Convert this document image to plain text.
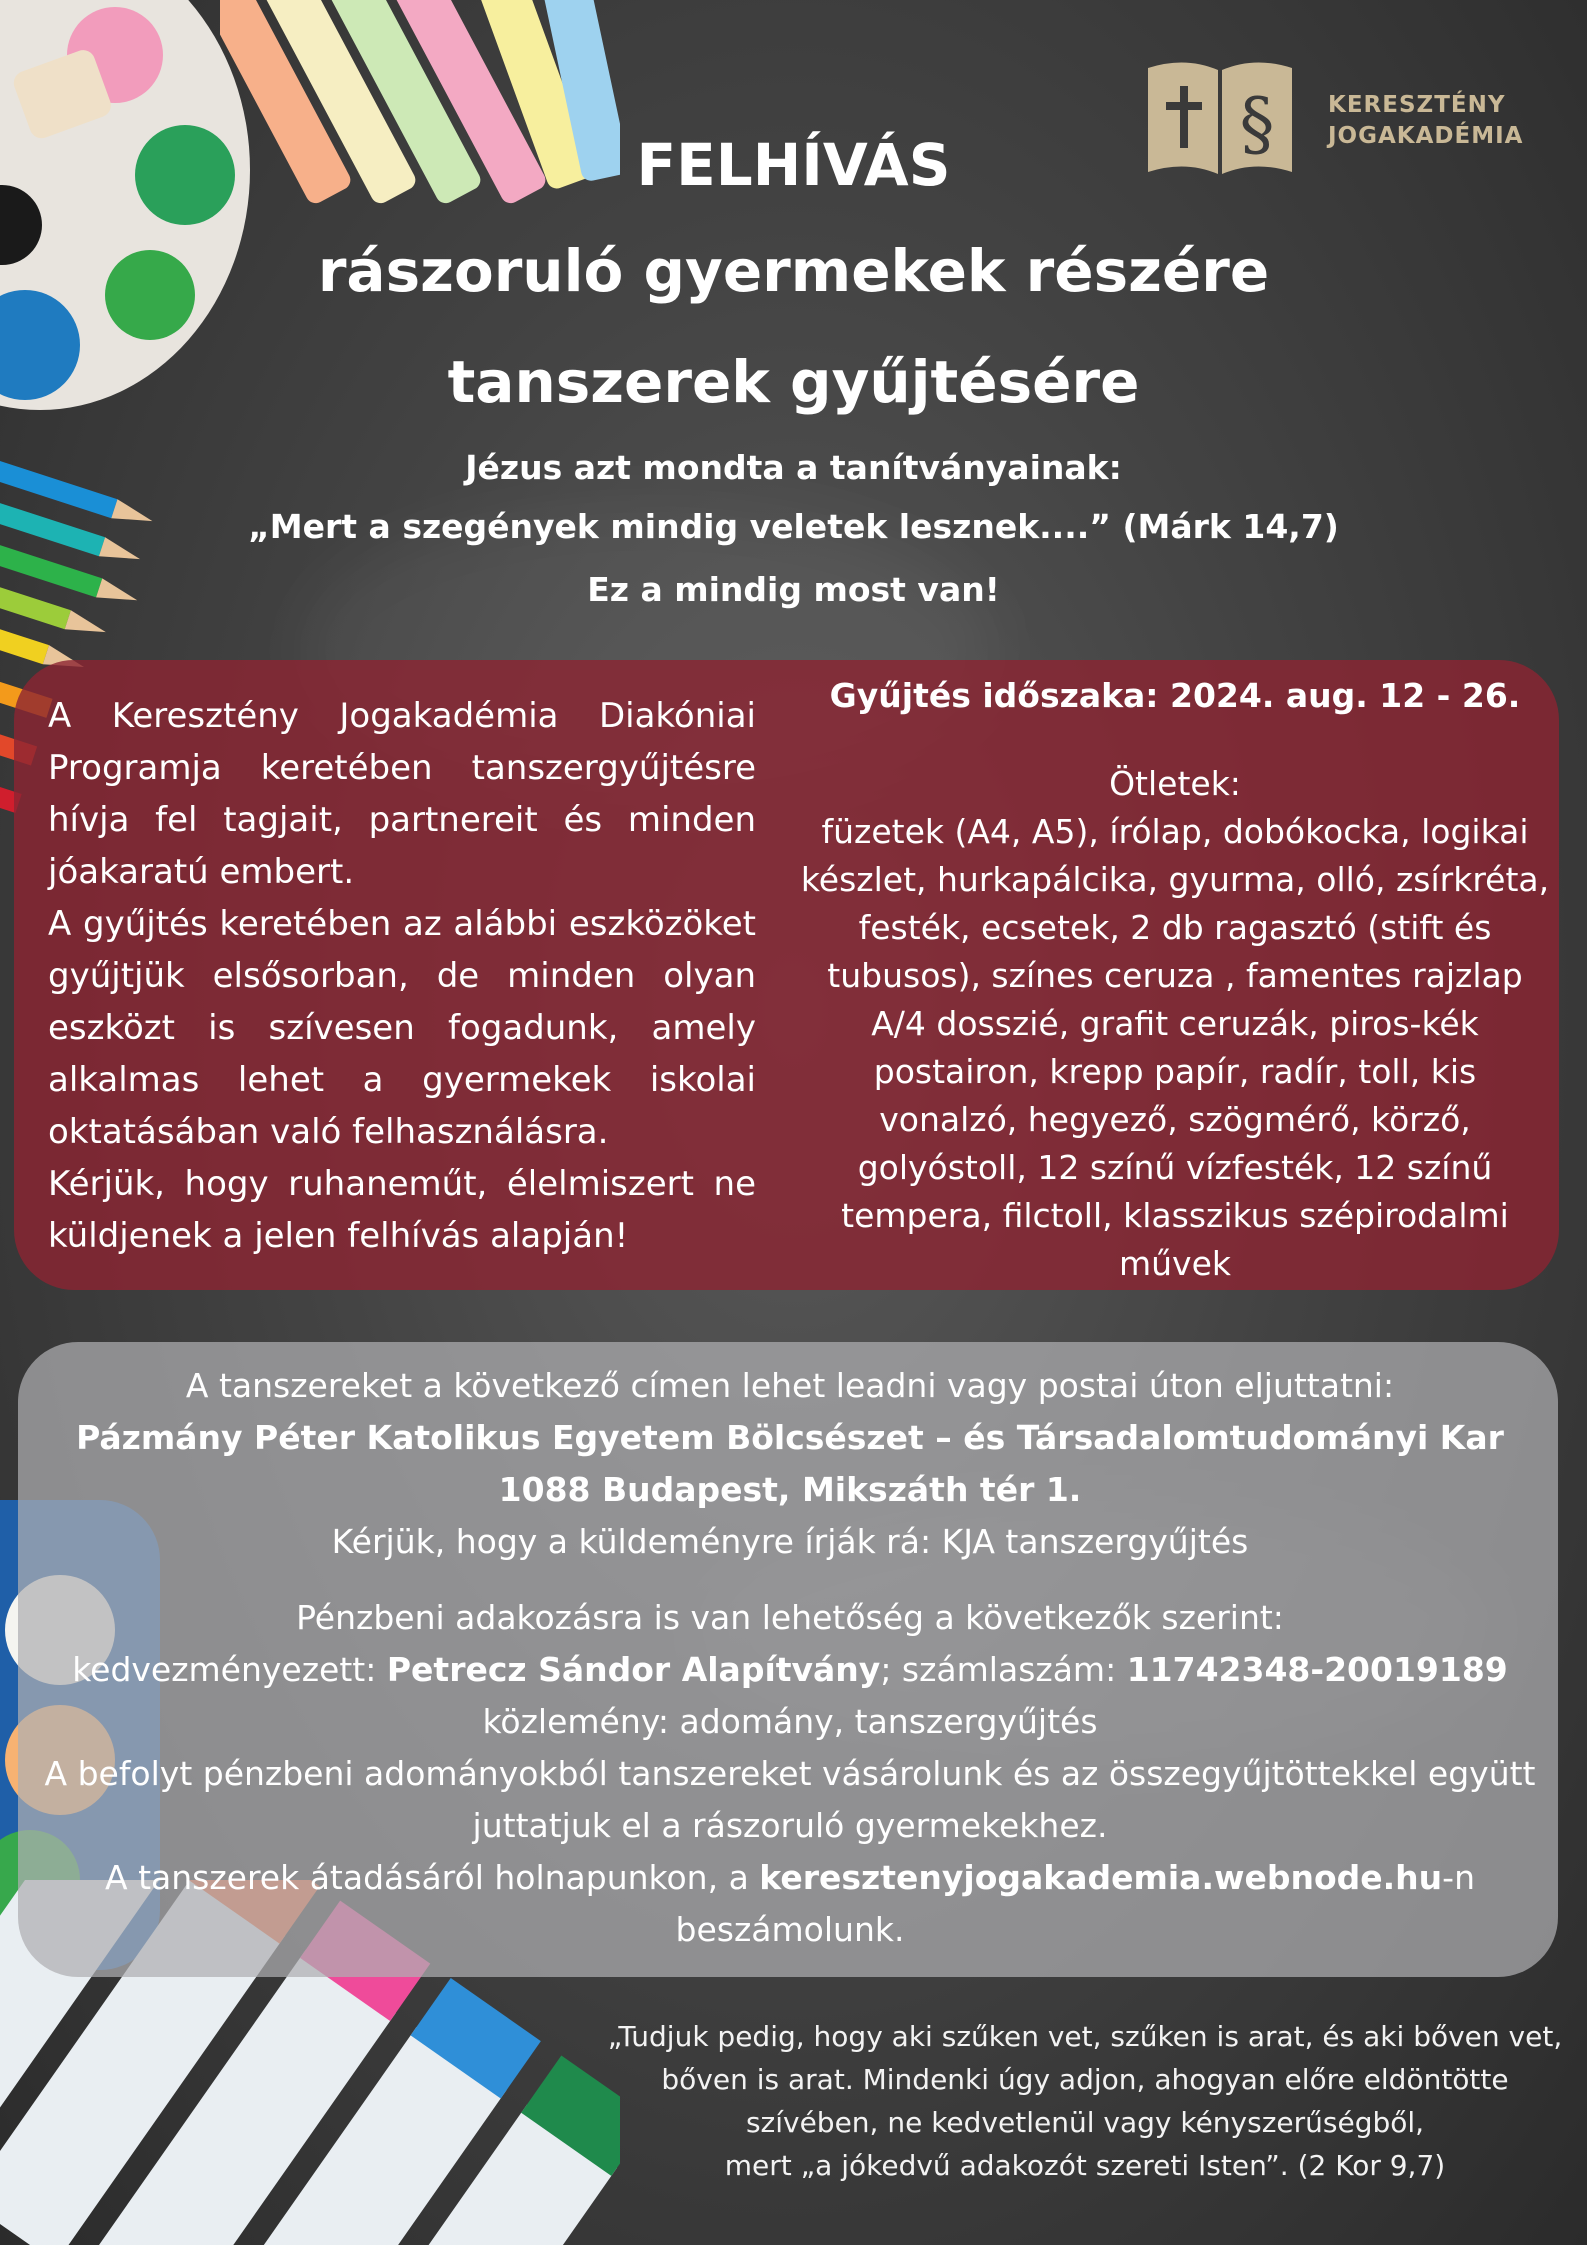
§ KERESZTÉNY
JOGAKADÉMIA
FELHÍVÁS
rászoruló gyermekek részére
tanszerek gyűjtésére
Jézus azt mondta a tanítványainak:
„Mert a szegények mindig veletek lesznek....” (Márk 14,7)
Ez a mindig most van!

A Keresztény Jogakadémia Diakóniai Programja keretében tanszergyűjtésre hívja fel tagjait, partnereit és minden jóakaratú embert.

A gyűjtés keretében az alábbi eszközöket gyűjtjük elsősorban, de minden olyan eszközt is szívesen fogadunk, amely alkalmas lehet a gyermekek iskolai oktatásában való felhasználásra.

Kérjük, hogy ruhaneműt, élelmiszert ne küldjenek a jelen felhívás alapján!

Gyűjtés időszaka: 2024. aug. 12 - 26.
Ötletek:
füzetek (A4, A5), írólap, dobókocka, logikai készlet, hurkapálcika, gyurma, olló, zsírkréta, festék, ecsetek, 2 db ragasztó (stift és tubusos), színes ceruza , famentes rajzlap A/4 dosszié, grafit ceruzák, piros-kék postairon, krepp papír, radír, toll, kis vonalzó, hegyező, szögmérő, körző, golyóstoll, 12 színű vízfesték, 12 színű tempera, filctoll, klasszikus szépirodalmi művek
A tanszereket a következő címen lehet leadni vagy postai úton eljuttatni:
Pázmány Péter Katolikus Egyetem Bölcsészet – és Társadalomtudományi Kar
1088 Budapest, Mikszáth tér 1.
Kérjük, hogy a küldeményre írják rá: KJA tanszergyűjtés
Pénzbeni adakozásra is van lehetőség a következők szerint:
kedvezményezett: Petrecz Sándor Alapítvány; számlaszám: 11742348-20019189
közlemény: adomány, tanszergyűjtés
A befolyt pénzbeni adományokból tanszereket vásárolunk és az összegyűjtöttekkel együtt juttatjuk el a rászoruló gyermekekhez.
A tanszerek átadásáról holnapunkon, a keresztenyjogakademia.webnode.hu-n beszámolunk.
„Tudjuk pedig, hogy aki szűken vet, szűken is arat, és aki bőven vet,
bőven is arat. Mindenki úgy adjon, ahogyan előre eldöntötte
szívében, ne kedvetlenül vagy kényszerűségből,
mert „a jókedvű adakozót szereti Isten”. (2 Kor 9,7)
